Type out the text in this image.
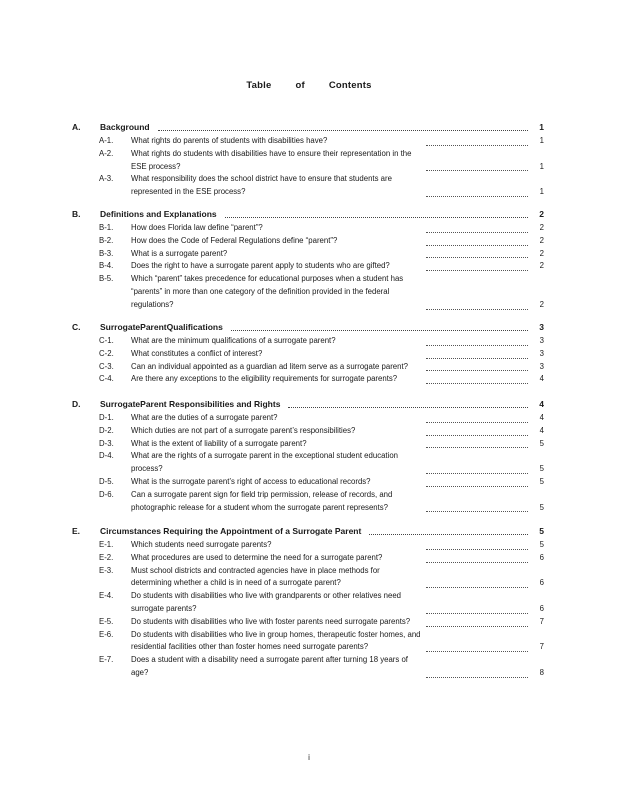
Table	of	Contents
A. Background	1
A-1. What rights do parents of students with disabilities have?	1
A-2. What rights do students with disabilities have to ensure their representation in the
ESE process?	1
A-3. What responsibility does the school district have to ensure that students are
represented in the ESE process?	1
B. Definitions and Explanations	2
B-1. How does Florida law define “parent”?	2
B-2. How does the Code of Federal Regulations define “parent”?	2
B-3. What is a surrogate parent?	2
B-4. Does the right to have a surrogate parent apply to students who are gifted?	2
B-5. Which “parent” takes precedence for educational purposes when a student has
“parents” in more than one category of the definition provided in the federal
regulations?	2
C. SurrogateParentQualifications	3
C-1. What are the minimum qualifications of a surrogate parent?	3
C-2. What constitutes a conflict of interest?	3
C-3. Can an individual appointed as a guardian ad litem serve as a surrogate parent?	3
C-4. Are there any exceptions to the eligibility requirements for surrogate parents?	4
D. SurrogateParent Responsibilities and Rights	4
D-1. What are the duties of a surrogate parent?	4
D-2. Which duties are not part of a surrogate parent’s responsibilities?	4
D-3. What is the extent of liability of a surrogate parent?	5
D-4. What are the rights of a surrogate parent in the exceptional student education
process?	5
D-5. What is the surrogate parent’s right of access to educational records?	5
D-6. Can a surrogate parent sign for field trip permission, release of records, and
photographic release for a student whom the surrogate parent represents?	5
E. Circumstances Requiring the Appointment of a Surrogate Parent	5
E-1. Which students need surrogate parents?	5
E-2. What procedures are used to determine the need for a surrogate parent?	6
E-3. Must school districts and contracted agencies have in place methods for
determining whether a child is in need of a surrogate parent?	6
E-4. Do students with disabilities who live with grandparents or other relatives need
surrogate parents?	6
E-5. Do students with disabilities who live with foster parents need surrogate parents?	7
E-6. Do students with disabilities who live in group homes, therapeutic foster homes, and
residential facilities other than foster homes need surrogate parents?	7
E-7. Does a student with a disability need a surrogate parent after turning 18 years of
age?	8
i
